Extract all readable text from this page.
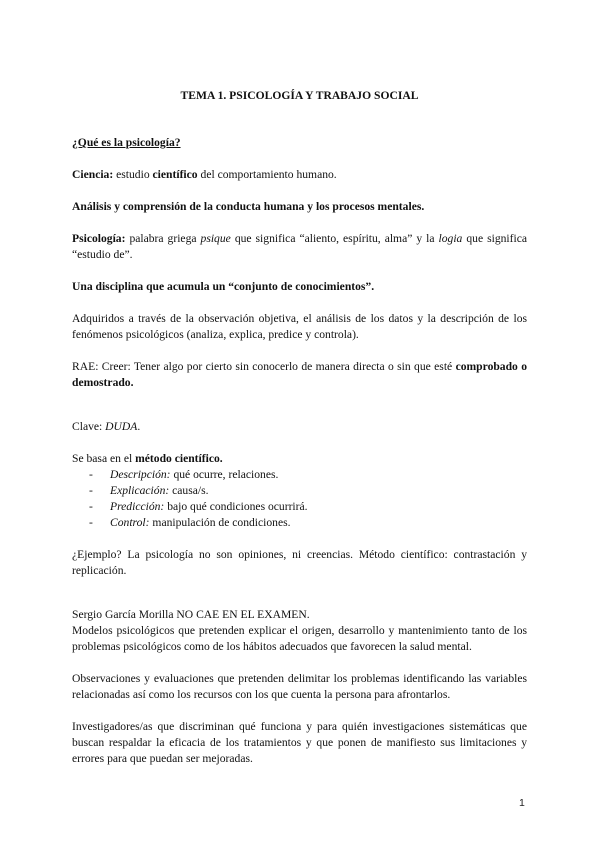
TEMA 1. PSICOLOGÍA Y TRABAJO SOCIAL

¿Qué es la psicología?

Ciencia: estudio científico del comportamiento humano.

Análisis y comprensión de la conducta humana y los procesos mentales.

Psicología: palabra griega psique que significa “aliento, espíritu, alma” y la logia que significa “estudio de”.

Una disciplina que acumula un “conjunto de conocimientos”.

Adquiridos a través de la observación objetiva, el análisis de los datos y la descripción de los fenómenos psicológicos (analiza, explica, predice y controla).

RAE: Creer: Tener algo por cierto sin conocerlo de manera directa o sin que esté comprobado o demostrado.

Clave: DUDA.

Se basa en el método científico.

- Descripción: qué ocurre, relaciones.
- Explicación: causa/s.
- Predicción: bajo qué condiciones ocurrirá.
- Control: manipulación de condiciones.

¿Ejemplo? La psicología no son opiniones, ni creencias. Método científico: contrastación y replicación.

Sergio García Morilla NO CAE EN EL EXAMEN.

Modelos psicológicos que pretenden explicar el origen, desarrollo y mantenimiento tanto de los problemas psicológicos como de los hábitos adecuados que favorecen la salud mental.

Observaciones y evaluaciones que pretenden delimitar los problemas identificando las variables relacionadas así como los recursos con los que cuenta la persona para afrontarlos.

Investigadores/as que discriminan qué funciona y para quién investigaciones sistemáticas que buscan respaldar la eficacia de los tratamientos y que ponen de manifiesto sus limitaciones y errores para que puedan ser mejoradas.

1
